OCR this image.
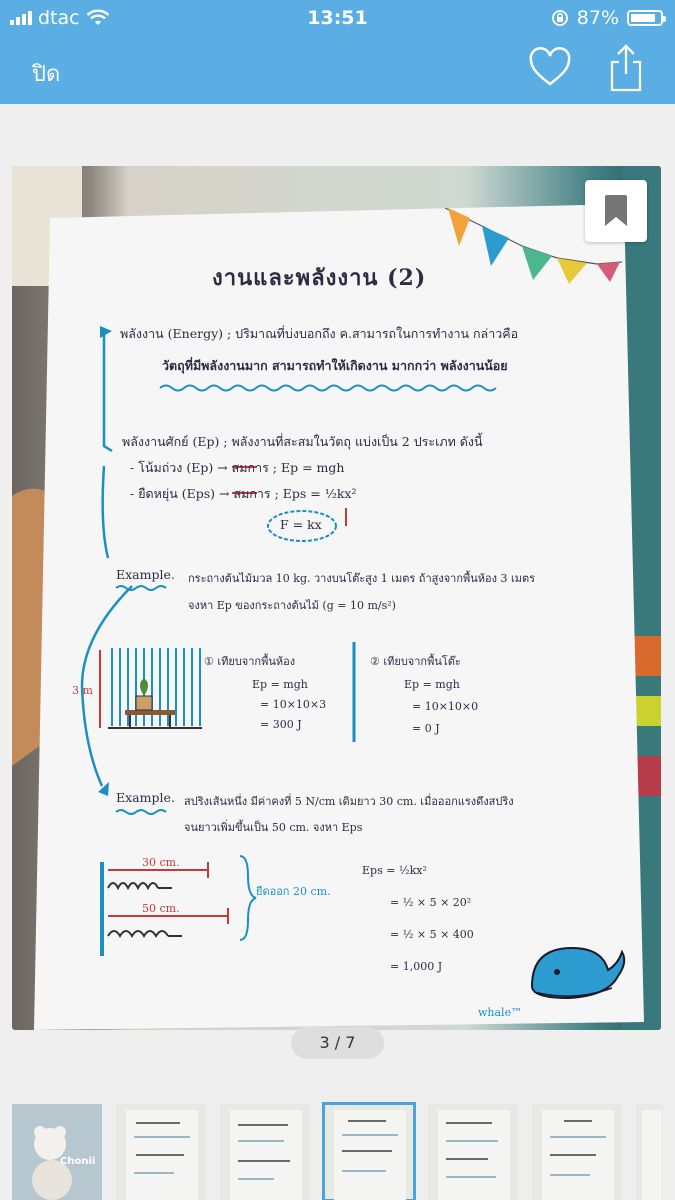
dtac	13:51	87%
ปิด
งานและพลังงาน (2)
พลังงาน (Energy) ; ปริมาณที่บ่งบอกถึง ค.สามารถในการทำงาน กล่าวคือ
วัตถุที่มีพลังงานมาก สามารถทำให้เกิดงาน มากกว่า พลังงานน้อย
พลังงานศักย์ (Ep) ; พลังงานที่สะสมในวัตถุ แบ่งเป็น 2 ประเภท ดังนี้
- โน้มถ่วง (Ep) → สมการ ; Ep = mgh
- ยืดหยุ่น (Eps) → สมการ ; Eps = ½kx²
F = kx
Example. กระถางต้นไม้มวล 10 kg. วางบนโต๊ะสูง 1 เมตร ถ้าสูงจากพื้นห้อง 3 เมตร
จงหา Ep ของกระถางต้นไม้ (g = 10 m/s²)
3 m
① เทียบจากพื้นห้อง
Ep = mgh
= 10×10×3
= 300 J
② เทียบจากพื้นโต๊ะ
Ep = mgh
= 10×10×0
= 0 J
Example. สปริงเส้นหนึ่ง มีค่าคงที่ 5 N/cm เดิมยาว 30 cm. เมื่อออกแรงดึงสปริง
จนยาวเพิ่มขึ้นเป็น 50 cm. จงหา Eps
30 cm.
50 cm.
ยืดออก 20 cm.
Eps = ½kx²
= ½ × 5 × 20²
= ½ × 5 × 400
= 1,000 J
whale™
3 / 7
Chonii
